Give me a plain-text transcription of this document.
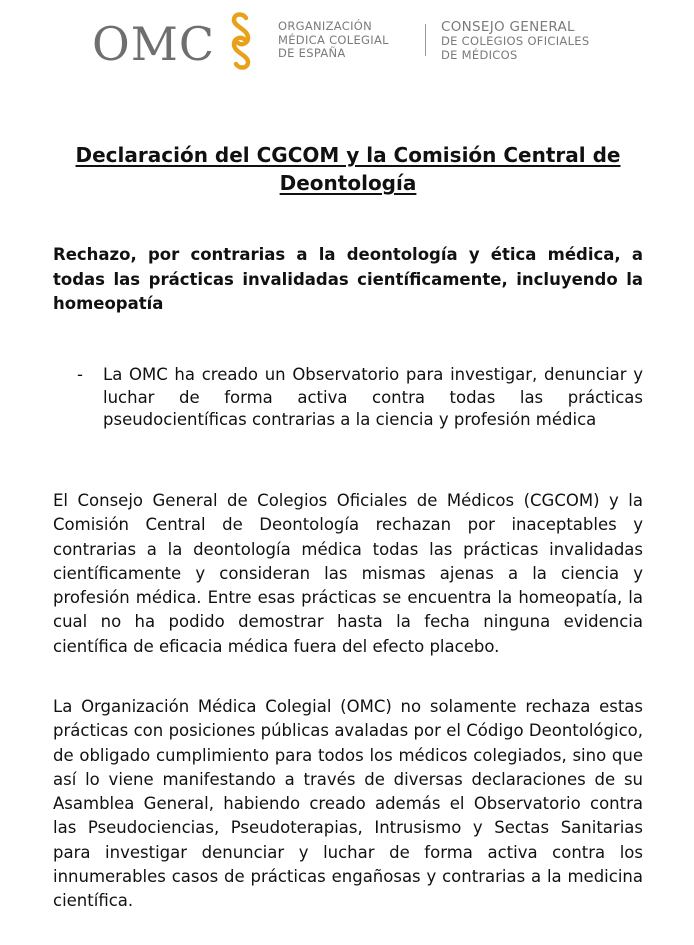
OMC	ORGANIZACIÓN
MÉDICA COLEGIAL
DE ESPAÑA
CONSEJO GENERAL
DE COLEGIOS OFICIALES
DE MÉDICOS
Declaración del CGCOM y la Comisión Central de Deontología
Rechazo, por contrarias a la deontología y ética médica, a todas las prácticas invalidadas científicamente, incluyendo la homeopatía
- La OMC ha creado un Observatorio para investigar, denunciar y luchar de forma activa contra todas las prácticas pseudocientíficas contrarias a la ciencia y profesión médica

El Consejo General de Colegios Oficiales de Médicos (CGCOM) y la Comisión Central de Deontología rechazan por inaceptables y contrarias a la deontología médica todas las prácticas invalidadas científicamente y consideran las mismas ajenas a la ciencia y profesión médica. Entre esas prácticas se encuentra la homeopatía, la cual no ha podido demostrar hasta la fecha ninguna evidencia científica de eficacia médica fuera del efecto placebo.

La Organización Médica Colegial (OMC) no solamente rechaza estas prácticas con posiciones públicas avaladas por el Código Deontológico, de obligado cumplimiento para todos los médicos colegiados, sino que así lo viene manifestando a través de diversas declaraciones de su Asamblea General, habiendo creado además el Observatorio contra las Pseudociencias, Pseudoterapias, Intrusismo y Sectas Sanitarias para investigar denunciar y luchar de forma activa contra los innumerables casos de prácticas engañosas y contrarias a la medicina científica.
